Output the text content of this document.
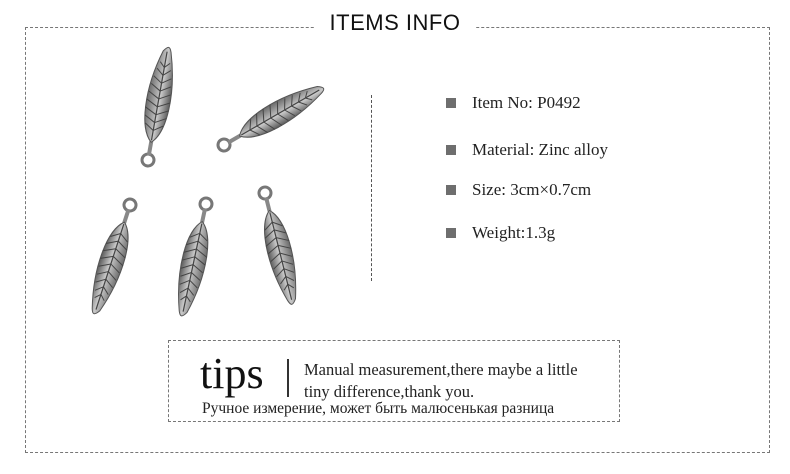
ITEMS INFO
Item No: P0492
Material: Zinc alloy
Size: 3cm×0.7cm
Weight:1.3g
tips Manual measurement,there maybe a little
tiny difference,thank you.
Ручное измерение, может быть малюсенькая разница
